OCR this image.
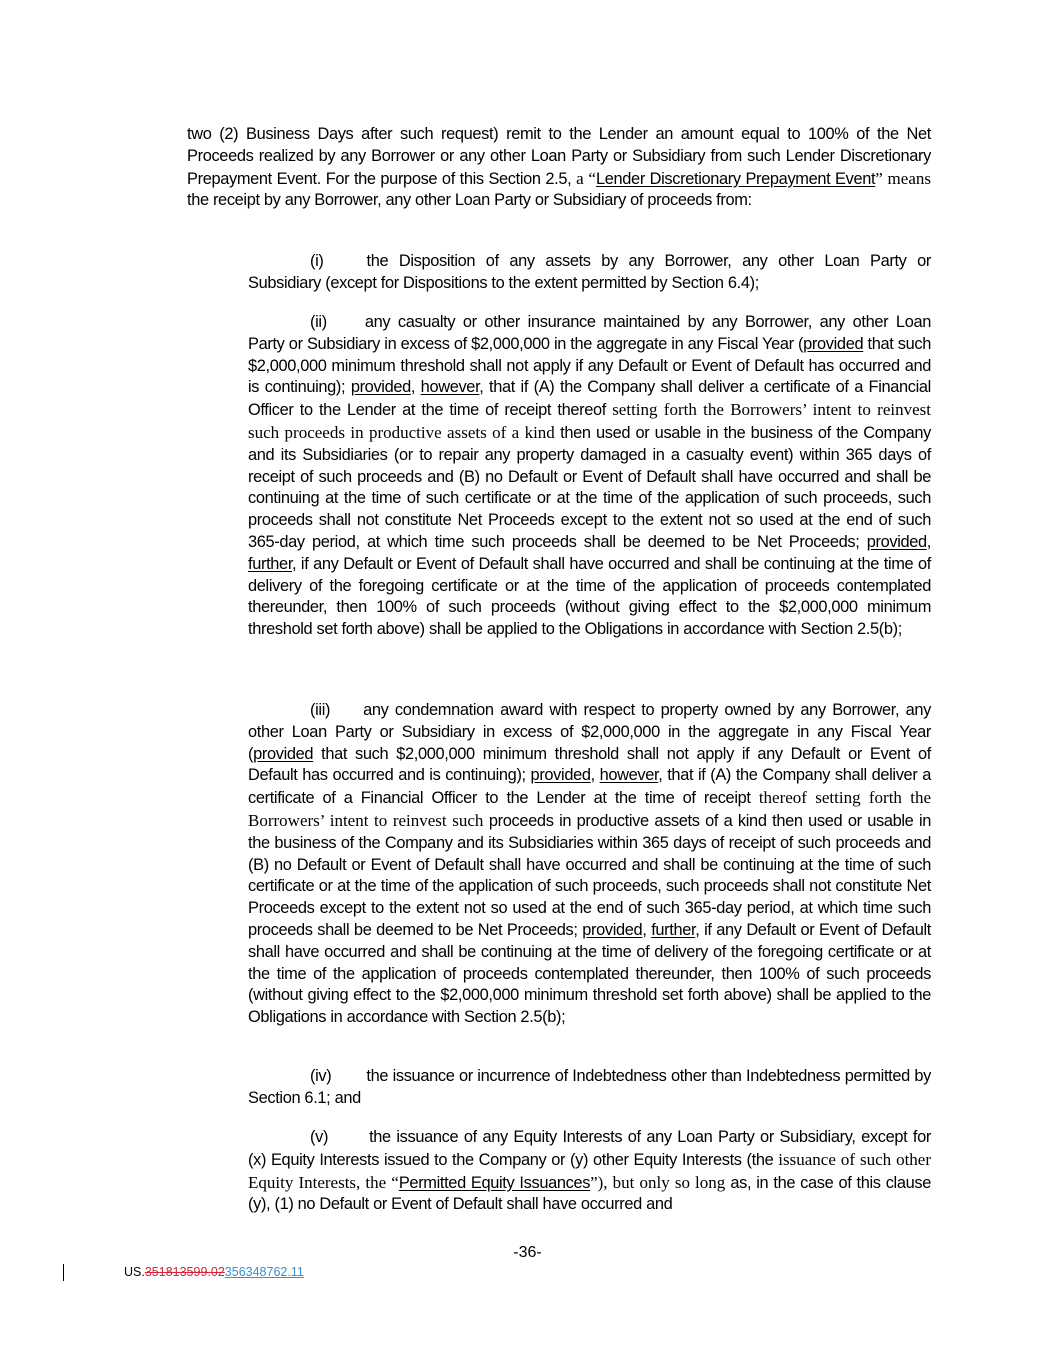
two (2) Business Days after such request) remit to the Lender an amount equal to 100% of the Net Proceeds realized by any Borrower or any other Loan Party or Subsidiary from such Lender Discretionary Prepayment Event. For the purpose of this Section 2.5, a “Lender Discretionary Prepayment Event” means the receipt by any Borrower, any other Loan Party or Subsidiary of proceeds from:

(i)	the Disposition of any assets by any Borrower, any other Loan Party or Subsidiary (except for Dispositions to the extent permitted by Section 6.4);

(ii) any casualty or other insurance maintained by any Borrower, any other Loan Party or Subsidiary in excess of $2,000,000 in the aggregate in any Fiscal Year (provided that such $2,000,000 minimum threshold shall not apply if any Default or Event of Default has occurred and is continuing); provided, however, that if (A) the Company shall deliver a certificate of a Financial Officer to the Lender at the time of receipt thereof setting forth the Borrowers’ intent to reinvest such proceeds in productive assets of a kind then used or usable in the business of the Company and its Subsidiaries (or to repair any property damaged in a casualty event) within 365 days of receipt of such proceeds and (B) no Default or Event of Default shall have occurred and shall be continuing at the time of such certificate or at the time of the application of such proceeds, such proceeds shall not constitute Net Proceeds except to the extent not so used at the end of such 365-day period, at which time such proceeds shall be deemed to be Net Proceeds; provided, further, if any Default or Event of Default shall have occurred and shall be continuing at the time of delivery of the foregoing certificate or at the time of the application of proceeds contemplated thereunder, then 100% of such proceeds (without giving effect to the $2,000,000 minimum threshold set forth above) shall be applied to the Obligations in accordance with Section 2.5(b);

(iii) any condemnation award with respect to property owned by any Borrower, any other Loan Party or Subsidiary in excess of $2,000,000 in the aggregate in any Fiscal Year (provided that such $2,000,000 minimum threshold shall not apply if any Default or Event of Default has occurred and is continuing); provided, however, that if (A) the Company shall deliver a certificate of a Financial Officer to the Lender at the time of receipt thereof setting forth the Borrowers’ intent to reinvest such proceeds in productive assets of a kind then used or usable in the business of the Company and its Subsidiaries within 365 days of receipt of such proceeds and (B) no Default or Event of Default shall have occurred and shall be continuing at the time of such certificate or at the time of the application of such proceeds, such proceeds shall not constitute Net Proceeds except to the extent not so used at the end of such 365-day period, at which time such proceeds shall be deemed to be Net Proceeds; provided, further, if any Default or Event of Default shall have occurred and shall be continuing at the time of delivery of the foregoing certificate or at the time of the application of proceeds contemplated thereunder, then 100% of such proceeds (without giving effect to the $2,000,000 minimum threshold set forth above) shall be applied to the Obligations in accordance with Section 2.5(b);

(iv) the issuance or incurrence of Indebtedness other than Indebtedness permitted by Section 6.1; and

(v)	the issuance of any Equity Interests of any Loan Party or Subsidiary, except for (x) Equity Interests issued to the Company or (y) other Equity Interests (the issuance of such other Equity Interests, the “Permitted Equity Issuances”), but only so long as, in the case of this clause (y), (1) no Default or Event of Default shall have occurred and

-36-
US.351813599.02356348762.11
